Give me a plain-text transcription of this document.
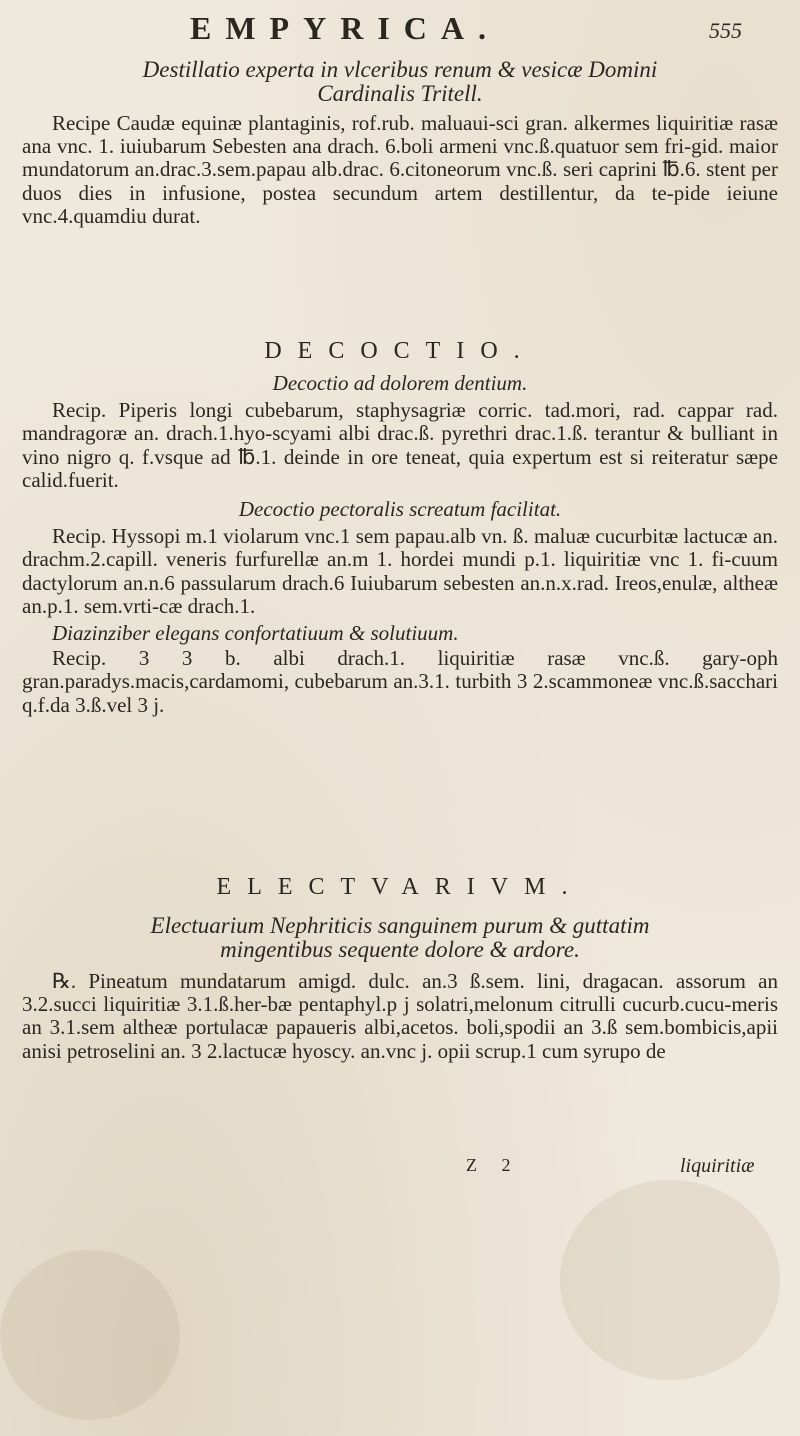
EMPYRICA.	555
Destillatio experta in vlceribus renum & vesicæ Domini
Cardinalis Tritell.

Recipe Caudæ equinæ plantaginis, rof.rub. maluaui-sci gran. alkermes liquiritiæ rasæ ana vnc. 1. iuiubarum Sebesten ana drach. 6.boli armeni vnc.ß.quatuor sem fri-gid. maior mundatorum an.drac.3.sem.papau alb.drac. 6.citoneorum vnc.ß. seri caprini ℔.6. stent per duos dies in infusione, postea secundum artem destillentur, da te-pide ieiune vnc.4.quamdiu durat.

DECOCTIO.
Decoctio ad dolorem dentium.

Recip. Piperis longi cubebarum, staphysagriæ corric. tad.mori, rad. cappar rad. mandragoræ an. drach.1.hyo-scyami albi drac.ß. pyrethri drac.1.ß. terantur & bulliant in vino nigro q. f.vsque ad ℔.1. deinde in ore teneat, quia expertum est si reiteratur sæpe calid.fuerit.

Decoctio pectoralis screatum facilitat.

Recip. Hyssopi m.1 violarum vnc.1 sem papau.alb vn. ß. maluæ cucurbitæ lactucæ an. drachm.2.capill. veneris furfurellæ an.m 1. hordei mundi p.1. liquiritiæ vnc 1. fi-cuum dactylorum an.n.6 passularum drach.6 Iuiubarum sebesten an.n.x.rad. Ireos,enulæ, altheæ an.p.1. sem.vrti-cæ drach.1.

Diazinziber elegans confortatiuum & solutiuum.

Recip. 3 3 b. albi drach.1. liquiritiæ rasæ vnc.ß. gary-oph gran.paradys.macis,cardamomi, cubebarum an.3.1. turbith 3 2.scammoneæ vnc.ß.sacchari q.f.da 3.ß.vel 3 j.

ELECTVARIVM.
Electuarium Nephriticis sanguinem purum & guttatim
mingentibus sequente dolore & ardore.

℞. Pineatum mundatarum amigd. dulc. an.3 ß.sem. lini, dragacan. assorum an 3.2.succi liquiritiæ 3.1.ß.her-bæ pentaphyl.p j solatri,melonum citrulli cucurb.cucu-meris an 3.1.sem altheæ portulacæ papaueris albi,acetos. boli,spodii an 3.ß sem.bombicis,apii anisi petroselini an. 3 2.lactucæ hyoscy. an.vnc j. opii scrup.1 cum syrupo de

Z 2	liquiritiæ
